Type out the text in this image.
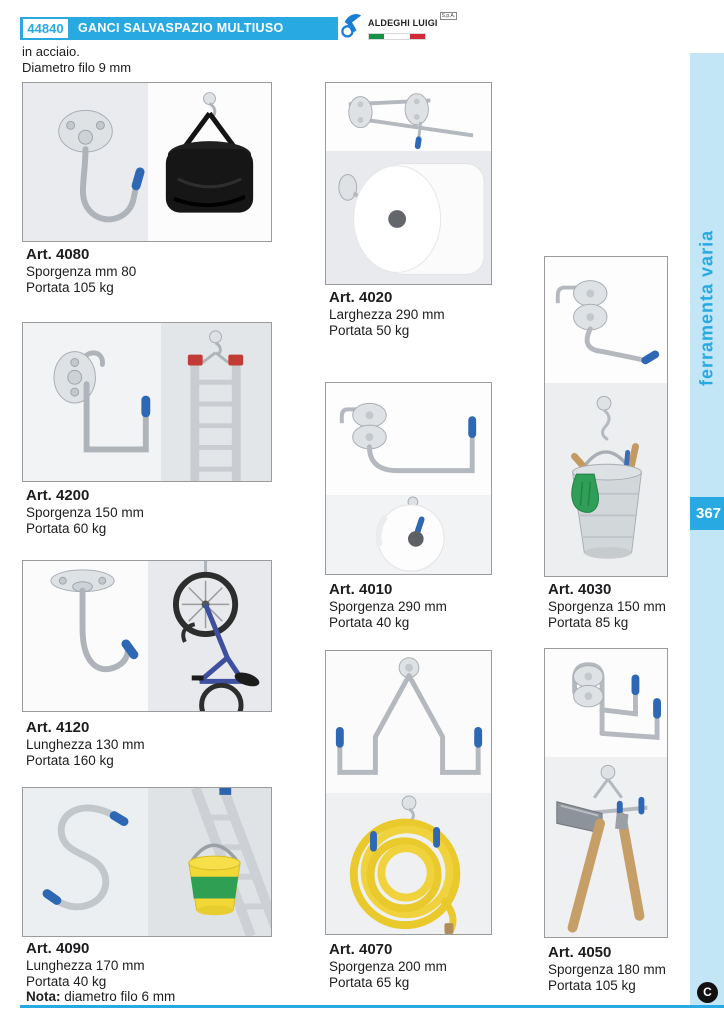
44840	GANCI SALVASPAZIO MULTIUSO	ALDEGHI $LUIGI^{S.p.A.}$
in acciaio.
Diametro filo 9 mm
ferramenta varia
367
Art. 4080
Sporgenza mm 80
Portata 105 kg
Art. 4200
Sporgenza 150 mm
Portata 60 kg
Art. 4120
Lunghezza 130 mm
Portata 160 kg
Art. 4090
Lunghezza 170 mm
Portata 40 kg
Nota: diametro filo 6 mm
Art. 4020
Larghezza 290 mm
Portata 50 kg
Art. 4010
Sporgenza 290 mm
Portata 40 kg
Art. 4070
Sporgenza 200 mm
Portata 65 kg
Art. 4030
Sporgenza 150 mm
Portata 85 kg
Art. 4050
Sporgenza 180 mm
Portata 105 kg	C
